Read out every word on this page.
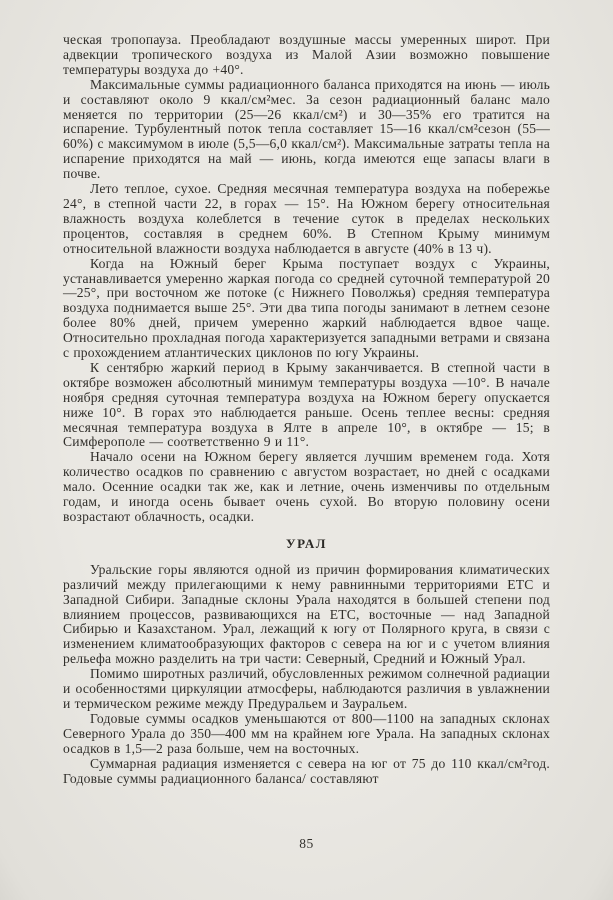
ческая тропопауза. Преобладают воздушные массы умеренных широт. При адвекции тропического воздуха из Малой Азии возможно повышение температуры воздуха до +40°.

Максимальные суммы радиационного баланса приходятся на июнь — июль и составляют около 9 ккал/см²мес. За сезон радиационный баланс мало меняется по территории (25—26 ккал/см²) и 30—35% его тратится на испарение. Турбулентный поток тепла составляет 15—16 ккал/см²сезон (55—60%) с максимумом в июле (5,5—6,0 ккал/см²). Максимальные затраты тепла на испарение приходятся на май — июнь, когда имеются еще запасы влаги в почве.

Лето теплое, сухое. Средняя месячная температура воздуха на побережье 24°, в степной части 22, в горах — 15°. На Южном берегу относительная влажность воздуха колеблется в течение суток в пределах нескольких процентов, составляя в среднем 60%. В Степном Крыму минимум относительной влажности воздуха наблюдается в августе (40% в 13 ч).

Когда на Южный берег Крыма поступает воздух с Украины, устанавливается умеренно жаркая погода со средней суточной температурой 20—25°, при восточном же потоке (с Нижнего Поволжья) средняя температура воздуха поднимается выше 25°. Эти два типа погоды занимают в летнем сезоне более 80% дней, причем умеренно жаркий наблюдается вдвое чаще. Относительно прохладная погода характеризуется западными ветрами и связана с прохождением атлантических циклонов по югу Украины.

К сентябрю жаркий период в Крыму заканчивается. В степной части в октябре возможен абсолютный минимум температуры воздуха —10°. В начале ноября средняя суточная температура воздуха на Южном берегу опускается ниже 10°. В горах это наблюдается раньше. Осень теплее весны: средняя месячная температура воздуха в Ялте в апреле 10°, в октябре — 15; в Симферополе — соответственно 9 и 11°.

Начало осени на Южном берегу является лучшим временем года. Хотя количество осадков по сравнению с августом возрастает, но дней с осадками мало. Осенние осадки так же, как и летние, очень изменчивы по отдельным годам, и иногда осень бывает очень сухой. Во вторую половину осени возрастают облачность, осадки.

УРАЛ

Уральские горы являются одной из причин формирования климатических различий между прилегающими к нему равнинными территориями ЕТС и Западной Сибири. Западные склоны Урала находятся в большей степени под влиянием процессов, развивающихся на ЕТС, восточные — над Западной Сибирью и Казахстаном. Урал, лежащий к югу от Полярного круга, в связи с изменением климатообразующих факторов с севера на юг и с учетом влияния рельефа можно разделить на три части: Северный, Средний и Южный Урал.

Помимо широтных различий, обусловленных режимом солнечной радиации и особенностями циркуляции атмосферы, наблюдаются различия в увлажнении и термическом режиме между Предуральем и Зауральем.

Годовые суммы осадков уменьшаются от 800—1100 на западных склонах Северного Урала до 350—400 мм на крайнем юге Урала. На западных склонах осадков в 1,5—2 раза больше, чем на восточных.

Суммарная радиация изменяется с севера на юг от 75 до 110 ккал/см²год. Годовые суммы радиационного баланса/ составляют

85
